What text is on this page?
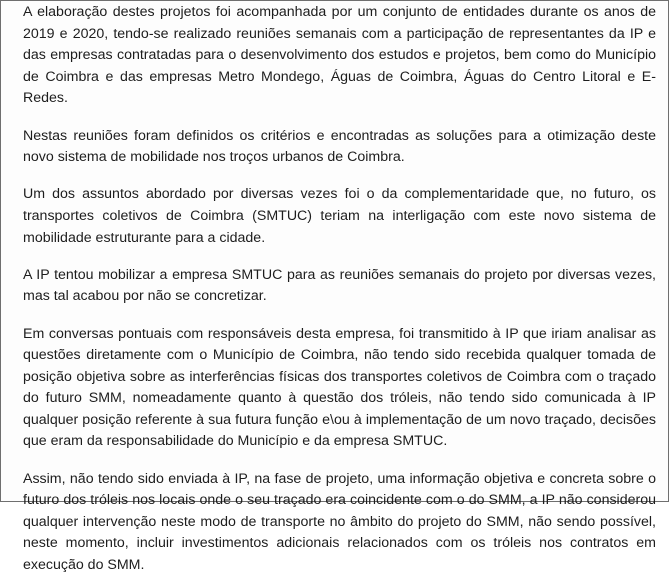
A elaboração destes projetos foi acompanhada por um conjunto de entidades durante os anos de 2019 e 2020, tendo-se realizado reuniões semanais com a participação de representantes da IP e das empresas contratadas para o desenvolvimento dos estudos e projetos, bem como do Município de Coimbra e das empresas Metro Mondego, Águas de Coimbra, Águas do Centro Litoral e E-Redes.

Nestas reuniões foram definidos os critérios e encontradas as soluções para a otimização deste novo sistema de mobilidade nos troços urbanos de Coimbra.

Um dos assuntos abordado por diversas vezes foi o da complementaridade que, no futuro, os transportes coletivos de Coimbra (SMTUC) teriam na interligação com este novo sistema de mobilidade estruturante para a cidade.

A IP tentou mobilizar a empresa SMTUC para as reuniões semanais do projeto por diversas vezes, mas tal acabou por não se concretizar.

Em conversas pontuais com responsáveis desta empresa, foi transmitido à IP que iriam analisar as questões diretamente com o Município de Coimbra, não tendo sido recebida qualquer tomada de posição objetiva sobre as interferências físicas dos transportes coletivos de Coimbra com o traçado do futuro SMM, nomeadamente quanto à questão dos tróleis, não tendo sido comunicada à IP qualquer posição referente à sua futura função e\ou à implementação de um novo traçado, decisões que eram da responsabilidade do Município e da empresa SMTUC.

Assim, não tendo sido enviada à IP, na fase de projeto, uma informação objetiva e concreta sobre o futuro dos tróleis nos locais onde o seu traçado era coincidente com o do SMM, a IP não considerou qualquer intervenção neste modo de transporte no âmbito do projeto do SMM, não sendo possível, neste momento, incluir investimentos adicionais relacionados com os tróleis nos contratos em execução do SMM.
